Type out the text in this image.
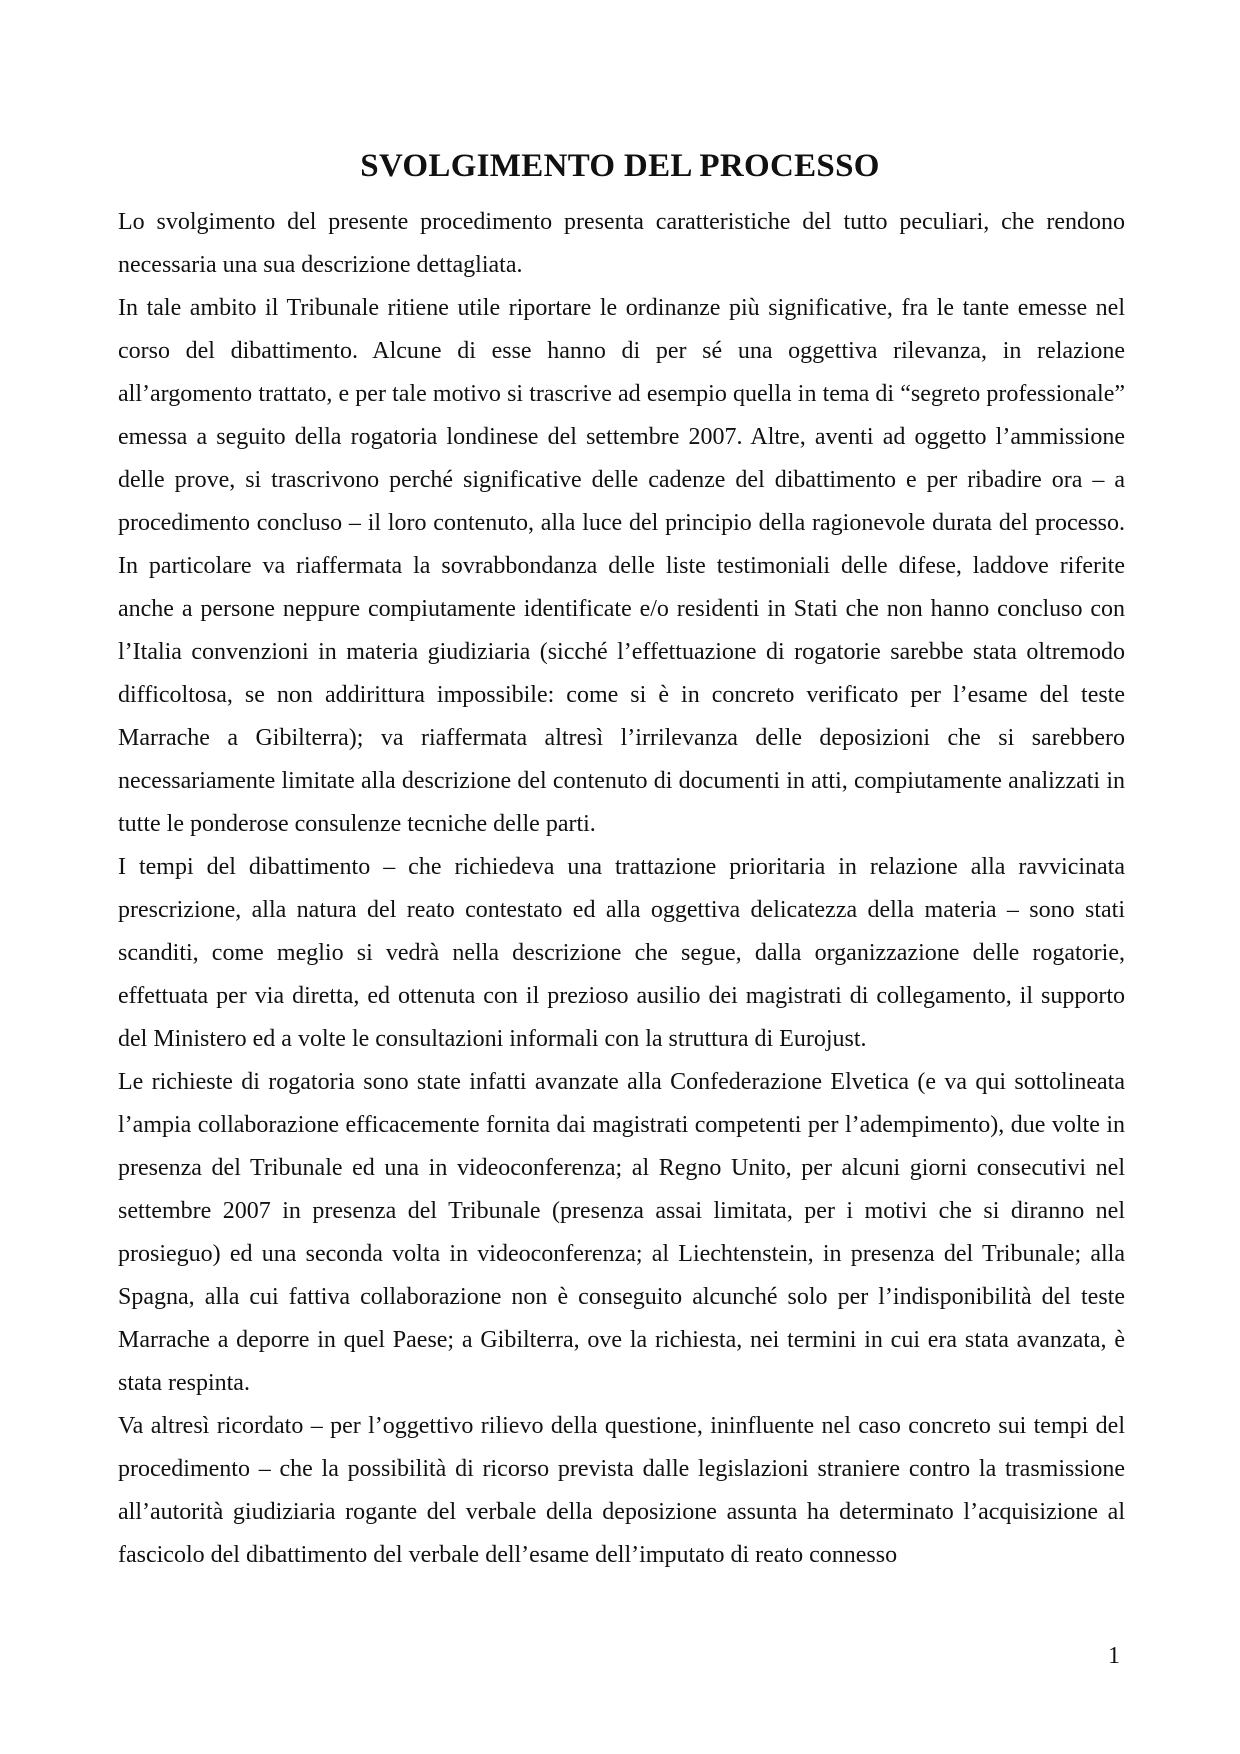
SVOLGIMENTO DEL PROCESSO

Lo svolgimento del presente procedimento presenta caratteristiche del tutto peculiari, che rendono necessaria una sua descrizione dettagliata.

In tale ambito il Tribunale ritiene utile riportare le ordinanze più significative, fra le tante emesse nel corso del dibattimento. Alcune di esse hanno di per sé una oggettiva rilevanza, in relazione all’argomento trattato, e per tale motivo si trascrive ad esempio quella in tema di “segreto professionale” emessa a seguito della rogatoria londinese del settembre 2007. Altre, aventi ad oggetto l’ammissione delle prove, si trascrivono perché significative delle cadenze del dibattimento e per ribadire ora – a procedimento concluso – il loro contenuto, alla luce del principio della ragionevole durata del processo. In particolare va riaffermata la sovrabbondanza delle liste testimoniali delle difese, laddove riferite anche a persone neppure compiutamente identificate e/o residenti in Stati che non hanno concluso con l’Italia convenzioni in materia giudiziaria (sicché l’effettuazione di rogatorie sarebbe stata oltremodo difficoltosa, se non addirittura impossibile: come si è in concreto verificato per l’esame del teste Marrache a Gibilterra); va riaffermata altresì l’irrilevanza delle deposizioni che si sarebbero necessariamente limitate alla descrizione del contenuto di documenti in atti, compiutamente analizzati in tutte le ponderose consulenze tecniche delle parti.

I tempi del dibattimento – che richiedeva una trattazione prioritaria in relazione alla ravvicinata prescrizione, alla natura del reato contestato ed alla oggettiva delicatezza della materia – sono stati scanditi, come meglio si vedrà nella descrizione che segue, dalla organizzazione delle rogatorie, effettuata per via diretta, ed ottenuta con il prezioso ausilio dei magistrati di collegamento, il supporto del Ministero ed a volte le consultazioni informali con la struttura di Eurojust.

Le richieste di rogatoria sono state infatti avanzate alla Confederazione Elvetica (e va qui sottolineata l’ampia collaborazione efficacemente fornita dai magistrati competenti per l’adempimento), due volte in presenza del Tribunale ed una in videoconferenza; al Regno Unito, per alcuni giorni consecutivi nel settembre 2007 in presenza del Tribunale (presenza assai limitata, per i motivi che si diranno nel prosieguo) ed una seconda volta in videoconferenza; al Liechtenstein, in presenza del Tribunale; alla Spagna, alla cui fattiva collaborazione non è conseguito alcunché solo per l’indisponibilità del teste Marrache a deporre in quel Paese; a Gibilterra, ove la richiesta, nei termini in cui era stata avanzata, è stata respinta.

Va altresì ricordato – per l’oggettivo rilievo della questione, ininfluente nel caso concreto sui tempi del procedimento – che la possibilità di ricorso prevista dalle legislazioni straniere contro la trasmissione all’autorità giudiziaria rogante del verbale della deposizione assunta ha determinato l’acquisizione al fascicolo del dibattimento del verbale dell’esame dell’imputato di reato connesso

1
